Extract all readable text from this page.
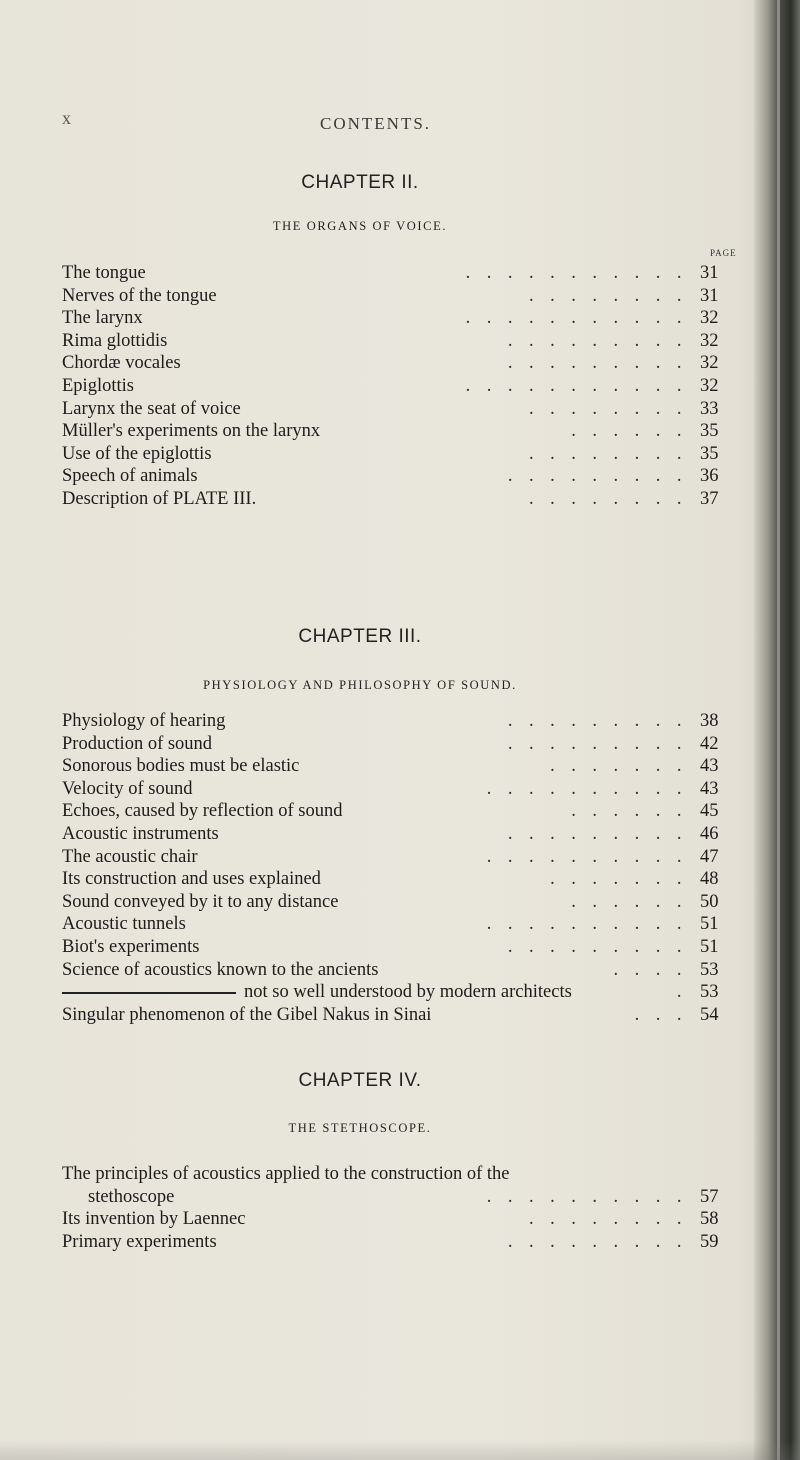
x	CONTENTS.
CHAPTER II.
THE ORGANS OF VOICE.
PAGE
The tongue	........... 31
Nerves of the tongue	........ 31
The larynx	........... 32
Rima glottidis	......... 32
Chordæ vocales	......... 32
Epiglottis	........... 32
Larynx the seat of voice	........ 33
Müller's experiments on the larynx	...... 35
Use of the epiglottis	........ 35
Speech of animals	......... 36
Description of PLATE III.	........ 37
CHAPTER III.
PHYSIOLOGY AND PHILOSOPHY OF SOUND.
Physiology of hearing	......... 38
Production of sound	......... 42
Sonorous bodies must be elastic	....... 43
Velocity of sound	.......... 43
Echoes, caused by reflection of sound	...... 45
Acoustic instruments	......... 46
The acoustic chair	.......... 47
Its construction and uses explained	....... 48
Sound conveyed by it to any distance	...... 50
Acoustic tunnels	.......... 51
Biot's experiments	......... 51
Science of acoustics known to the ancients	.... 53
not so well understood by modern architects	. 53
Singular phenomenon of the Gibel Nakus in Sinai	... 54
CHAPTER IV.
THE STETHOSCOPE.
The principles of acoustics applied to the construction of the
stethoscope	.......... 57
Its invention by Laennec	........ 58
Primary experiments	......... 59
